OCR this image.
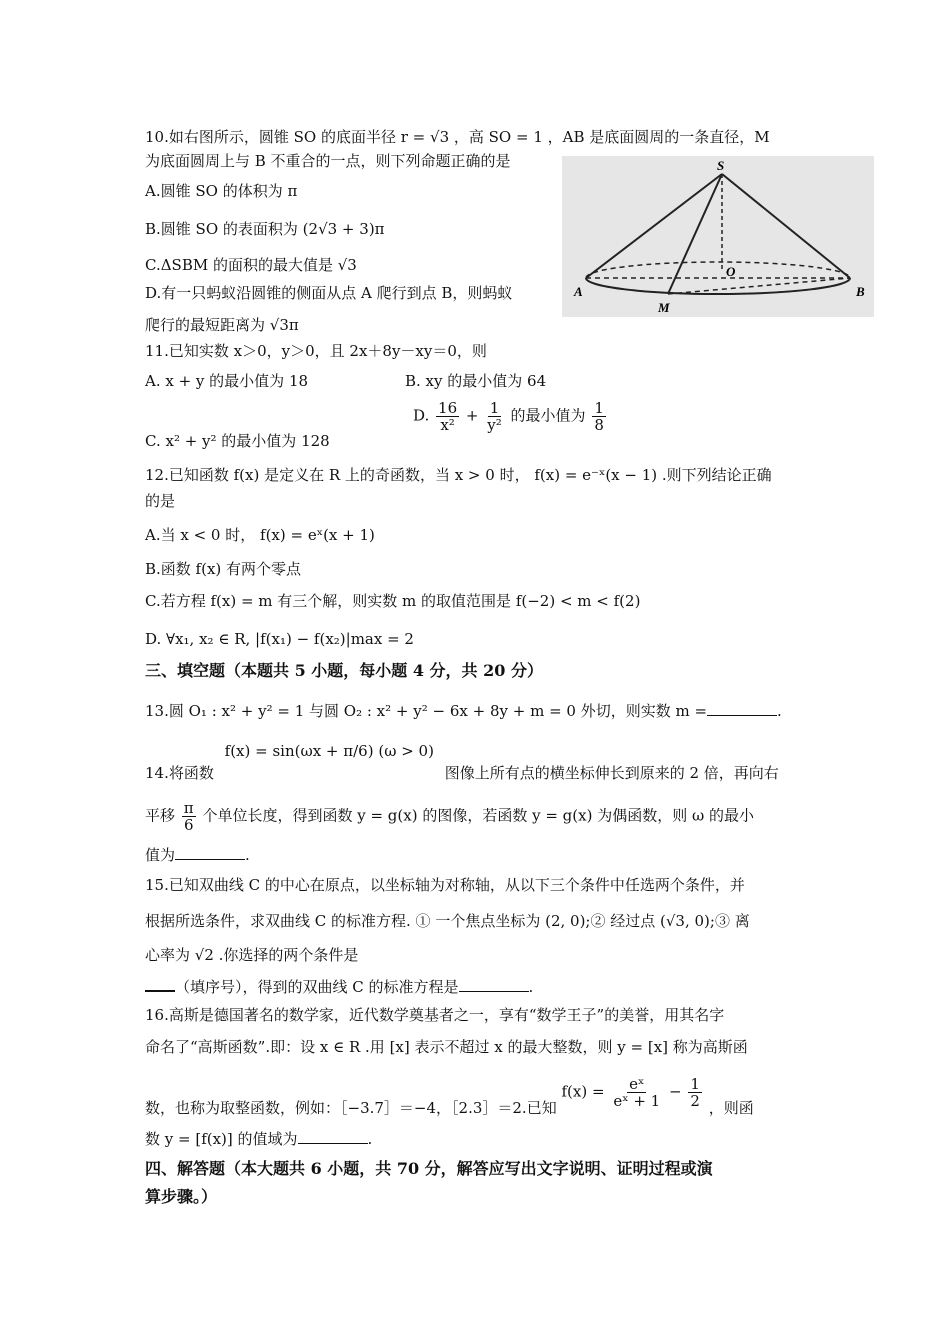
10.如右图所示，圆锥 SO 的底面半径 r = √3 ，高 SO = 1 ，AB 是底面圆周的一条直径，M
为底面圆周上与 B 不重合的一点，则下列命题正确的是
A.圆锥 SO 的体积为 π
B.圆锥 SO 的表面积为 (2√3 + 3)π
C.ΔSBM 的面积的最大值是 √3
D.有一只蚂蚁沿圆锥的侧面从点 A 爬行到点 B，则蚂蚁
爬行的最短距离为 √3π
11.已知实数 x＞0，y＞0，且 2x＋8y－xy＝0，则
A. x + y 的最小值为 18	B. xy 的最小值为 64
C. x² + y² 的最小值为 128
D. $\frac{16}{\text{x²}} + \frac{1}{\text{y²}}$ 的最小值为 $\frac{1}{8}$
12.已知函数 f(x) 是定义在 R 上的奇函数，当 x > 0 时， f(x) = e⁻ˣ(x − 1) .则下列结论正确
的是
A.当 x < 0 时， f(x) = eˣ(x + 1)
B.函数 f(x) 有两个零点
C.若方程 f(x) = m 有三个解，则实数 m 的取值范围是 f(−2) < m < f(2)
D. ∀x₁, x₂ ∈ R, |f(x₁) − f(x₂)|max = 2
三、填空题（本题共 5 小题，每小题 4 分，共 20 分）
13.圆 O₁ : x² + y² = 1 与圆 O₂ : x² + y² − 6x + 8y + m = 0 外切，则实数 m =	.
14.将函数 f(x) = sin(ωx + π/6) (ω > 0) 图像上所有点的横坐标伸长到原来的 2 倍，再向右
平移 $\frac{\pi}{6}$ 个单位长度，得到函数 y = g(x) 的图像，若函数 y = g(x) 为偶函数，则 ω 的最小
值为	.
15.已知双曲线 C 的中心在原点，以坐标轴为对称轴，从以下三个条件中任选两个条件，并
根据所选条件，求双曲线 C 的标准方程. ① 一个焦点坐标为 (2, 0);② 经过点 (√3, 0);③ 离
心率为 √2 .你选择的两个条件是
（填序号），得到的双曲线 C 的标准方程是	.
16.高斯是德国著名的数学家，近代数学奠基者之一，享有“数学王子”的美誉，用其名字
命名了“高斯函数”.即：设 x ∈ R .用 [x] 表示不超过 x 的最大整数，则 y = [x] 称为高斯函
数，也称为取整函数，例如：［−3.7］＝−4，［2.3］＝2.已知 $f(x) = \frac{\text{eˣ}}{\text{eˣ + 1}} - \frac{1}{2}$ ，则函
数 y = [f(x)] 的值域为	.
四、解答题（本大题共 6 小题，共 70 分，解答应写出文字说明、证明过程或演
算步骤。）
S
O
A	B
M
